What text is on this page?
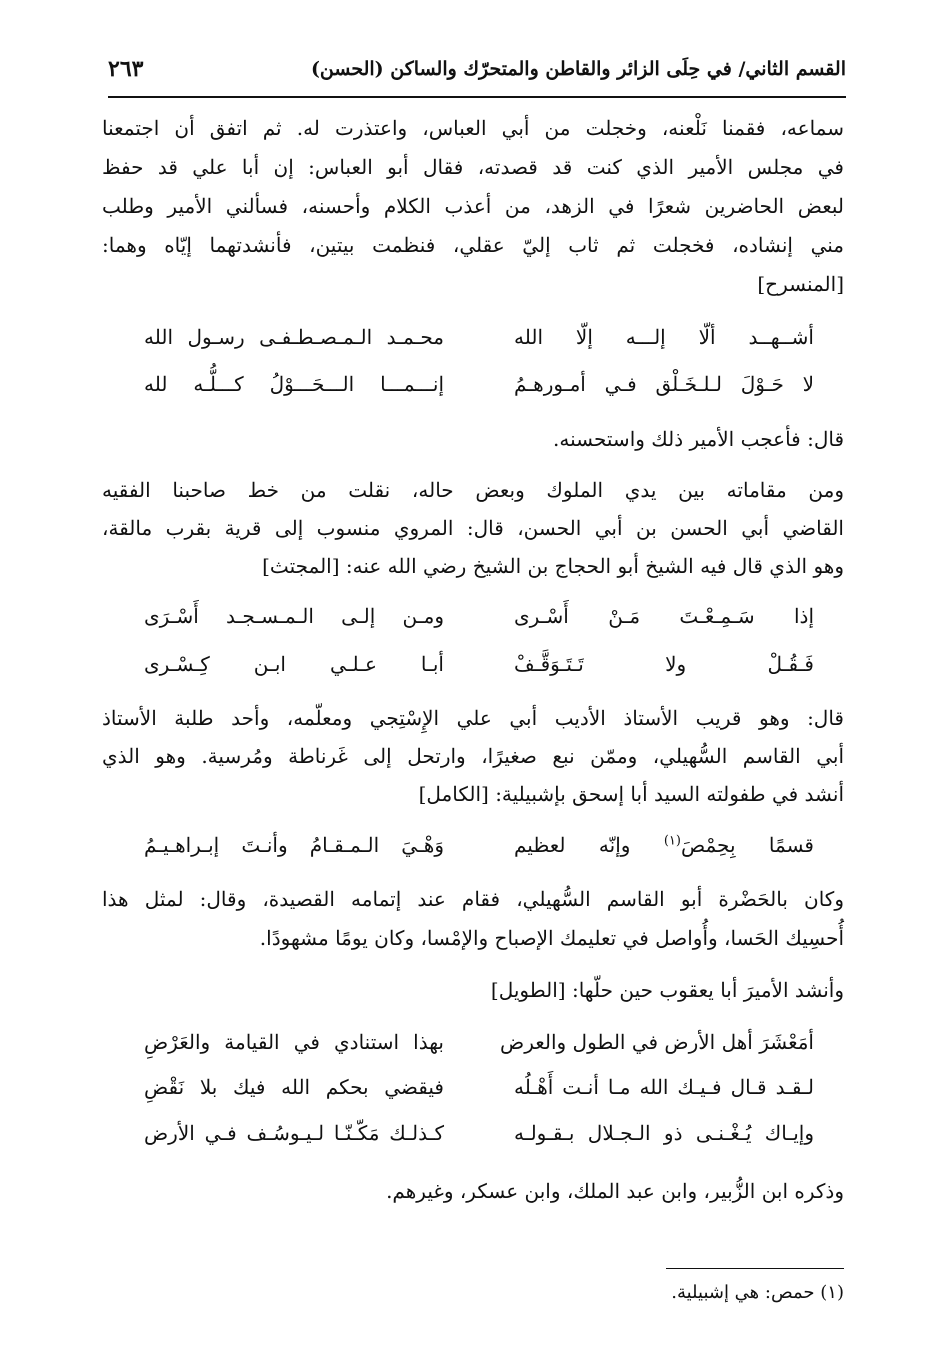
القسم الثاني/ في حِلَى الزائر والقاطن والمتحرّك والساكن (الحسن)
٢٦٣
سماعه، فقمنا نَلْعنه، وخجلت من أبي العباس، واعتذرت له. ثم اتفق أن اجتمعنا
في مجلس الأمير الذي كنت قد قصدته، فقال أبو العباس: إن أبا علي قد حفظ
لبعض الحاضرين شعرًا في الزهد، من أعذب الكلام وأحسنه، فسألني الأمير وطلب
مني إنشاده، فخجلت ثم ثاب إليّ عقلي، فنظمت بيتين، فأنشدتهما إيّاه وهما:
[المنسرح]
أشــهــد ألّا إلـــه إلّا الله
محـمـد الـمـصـطـفـى رسـول الله
لا حَـوْلَ لـلـخَـلْق فـي أمـورهـمُ
إنـــمـــا الـــحَـــوْلُ كـــلُّـه لله
قال: فأعجب الأمير ذلك واستحسنه.
ومن مقاماته بين يدي الملوك وبعض حاله، نقلت من خط صاحبنا الفقيه
القاضي أبي الحسن بن أبي الحسن، قال: المروي منسوب إلى قرية بقرب مالقة،
وهو الذي قال فيه الشيخ أبو الحجاج بن الشيخ رضي الله عنه: [المجتث]
إذا سَـمِـعْـتَ مَـنْ أَسْـرى
ومـن إلـى الـمـسـجـد أَسْـرَى
فَـقُـلْ ولا تَـتَـوَقَّـفْ
أبـا عـلـي ابـن كِـسْـرى
قال: وهو قريب الأستاذ الأديب أبي علي الإِسْتِجي ومعلّمه، وأحد طلبة الأستاذ
أبي القاسم السُّهيلي، وممّن نبع صغيرًا، وارتحل إلى غَرناطة ومُرسية. وهو الذي
أنشد في طفولته السيد أبا إسحق بإشبيلية: [الكامل]
قسمًا بِحِمْصَ$^{(١)}$ وإنّه لعظيم
وَهْـيَ الـمـقـامُ وأنـتَ إبـراهـيـمُ
وكان بالحَضْرة أبو القاسم السُّهيلي، فقام عند إتمامه القصيدة، وقال: لمثل هذا
أُحسِيك الحَسا، وأُواصل في تعليمك الإصباح والإمْسا، وكان يومًا مشهودًا.
وأنشد الأميرَ أبا يعقوب حين حلّها: [الطويل]
أمَعْشَرَ أهل الأرض في الطول والعرض
بهذا استنادي في القيامة والعَرْضِ
لـقـد قـال فـيـك الله مـا أنـت أَهْـلُه
فيقضي بحكم الله فيك بلا نَقْضِ
وإيـاك يُـغْـنـى ذو الـجـلال بـقـولـه
كـذلـك مَكّـنّـا لـيـوسُـف فـي الأرض
وذكره ابن الزُّبير، وابن عبد الملك، وابن عسكر، وغيرهم.
(١) حمص: هي إشبيلية.
